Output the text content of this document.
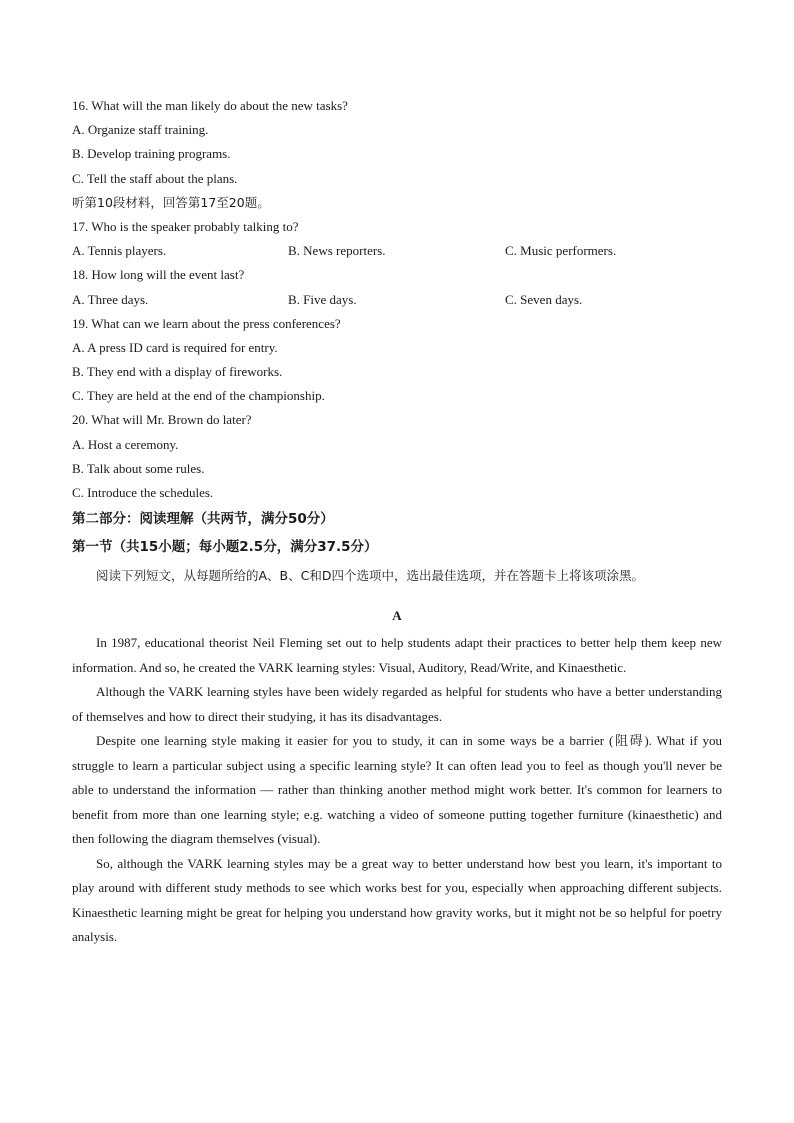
16. What will the man likely do about the new tasks?
A. Organize staff training.
B. Develop training programs.
C. Tell the staff about the plans.
听第10段材料，回答第17至20题。
17. Who is the speaker probably talking to?
A. Tennis players.	B. News reporters.	C. Music performers.
18. How long will the event last?
A. Three days.	B. Five days.	C. Seven days.
19. What can we learn about the press conferences?
A. A press ID card is required for entry.
B. They end with a display of fireworks.
C. They are held at the end of the championship.
20. What will Mr. Brown do later?
A. Host a ceremony.
B. Talk about some rules.
C. Introduce the schedules.
第二部分：阅读理解（共两节，满分50分）
第一节（共15小题；每小题2.5分，满分37.5分）
阅读下列短文，从每题所给的A、B、C和D四个选项中，选出最佳选项，并在答题卡上将该项涂黑。
A

In 1987, educational theorist Neil Fleming set out to help students adapt their practices to better help them keep new information. And so, he created the VARK learning styles: Visual, Auditory, Read/Write, and Kinaesthetic.

Although the VARK learning styles have been widely regarded as helpful for students who have a better understanding of themselves and how to direct their studying, it has its disadvantages.

Despite one learning style making it easier for you to study, it can in some ways be a barrier (阻碍). What if you struggle to learn a particular subject using a specific learning style? It can often lead you to feel as though you'll never be able to understand the information — rather than thinking another method might work better. It's common for learners to benefit from more than one learning style; e.g. watching a video of someone putting together furniture (kinaesthetic) and then following the diagram themselves (visual).

So, although the VARK learning styles may be a great way to better understand how best you learn, it's important to play around with different study methods to see which works best for you, especially when approaching different subjects. Kinaesthetic learning might be great for helping you understand how gravity works, but it might not be so helpful for poetry analysis.
